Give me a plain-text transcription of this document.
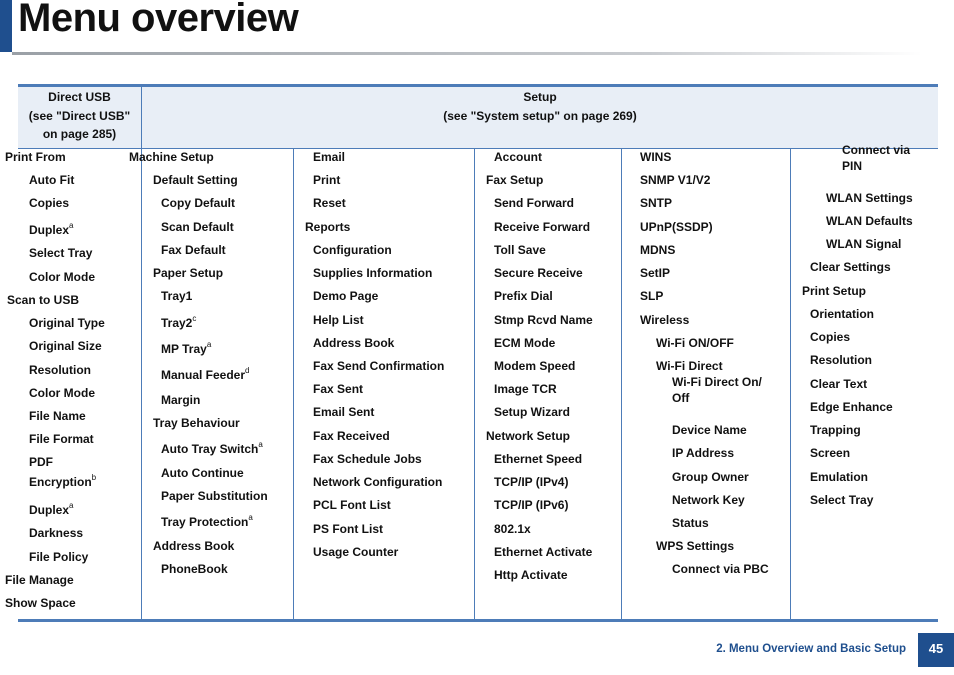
Menu overview
Direct USB
(see "Direct USB"
on page 285)
Setup
(see "System setup" on page 269)
Print From
Auto Fit
Copies
Duplex$^a$
Select Tray
Color Mode
Scan to USB
Original Type
Original Size
Resolution
Color Mode
File Name
File Format
PDF
Encryption$^b$
Duplex$^a$
Darkness
File Policy
File Manage
Show Space
Machine Setup
Default Setting
Copy Default
Scan Default
Fax Default
Paper Setup
Tray1
Tray2$^c$
MP Tray$^a$
Manual Feeder$^d$
Margin
Tray Behaviour
Auto Tray Switch$^a$
Auto Continue
Paper Substitution
Tray Protection$^a$
Address Book
PhoneBook
Email
Print
Reset
Reports
Configuration
Supplies Information
Demo Page
Help List
Address Book
Fax Send Confirmation
Fax Sent
Email Sent
Fax Received
Fax Schedule Jobs
Network Configuration
PCL Font List
PS Font List
Usage Counter
Account
Fax Setup
Send Forward
Receive Forward
Toll Save
Secure Receive
Prefix Dial
Stmp Rcvd Name
ECM Mode
Modem Speed
Image TCR
Setup Wizard
Network Setup
Ethernet Speed
TCP/IP (IPv4)
TCP/IP (IPv6)
802.1x
Ethernet Activate
Http Activate
WINS
SNMP V1/V2
SNTP
UPnP(SSDP)
MDNS
SetIP
SLP
Wireless
Wi-Fi ON/OFF
Wi-Fi Direct
Wi-Fi Direct On/ Off
Device Name
IP Address
Group Owner
Network Key
Status
WPS Settings
Connect via PBC
Connect via PIN
WLAN Settings
WLAN Defaults
WLAN Signal
Clear Settings
Print Setup
Orientation
Copies
Resolution
Clear Text
Edge Enhance
Trapping
Screen
Emulation
Select Tray
2. Menu Overview and Basic Setup	45
